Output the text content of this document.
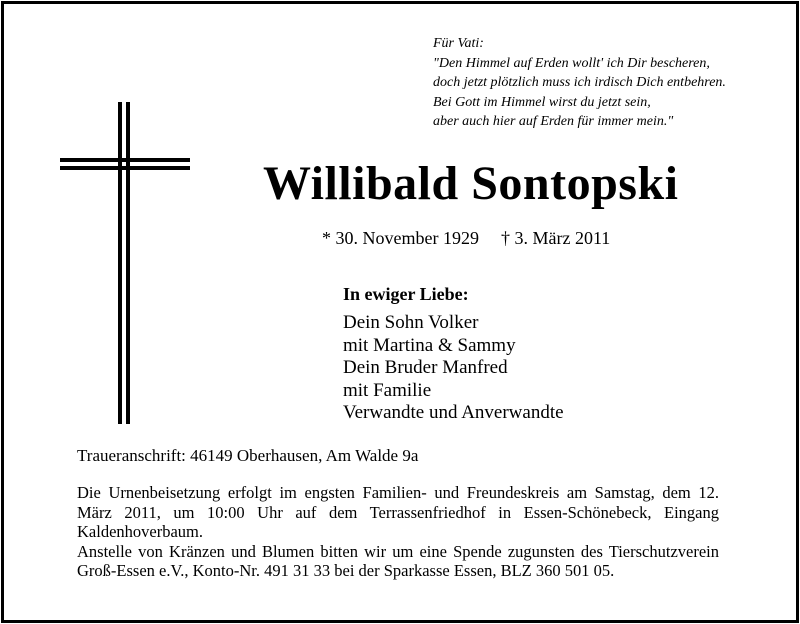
Für Vati:
"Den Himmel auf Erden wollt' ich Dir bescheren,
doch jetzt plötzlich muss ich irdisch Dich entbehren.
Bei Gott im Himmel wirst du jetzt sein,
aber auch hier auf Erden für immer mein."
Willibald Sontopski
* 30. November 1929 † 3. März 2011
In ewiger Liebe:
Dein Sohn Volker
mit Martina & Sammy
Dein Bruder Manfred
mit Familie
Verwandte und Anverwandte
Traueranschrift: 46149 Oberhausen, Am Walde 9a

Die Urnenbeisetzung erfolgt im engsten Familien- und Freundeskreis am Samstag, dem 12. März 2011, um 10:00 Uhr auf dem Terrassenfriedhof in Essen-Schönebeck, Eingang Kaldenhoverbaum.

Anstelle von Kränzen und Blumen bitten wir um eine Spende zugunsten des Tierschutzverein Groß-Essen e.V., Konto-Nr. 491 31 33 bei der Sparkasse Essen, BLZ 360 501 05.
